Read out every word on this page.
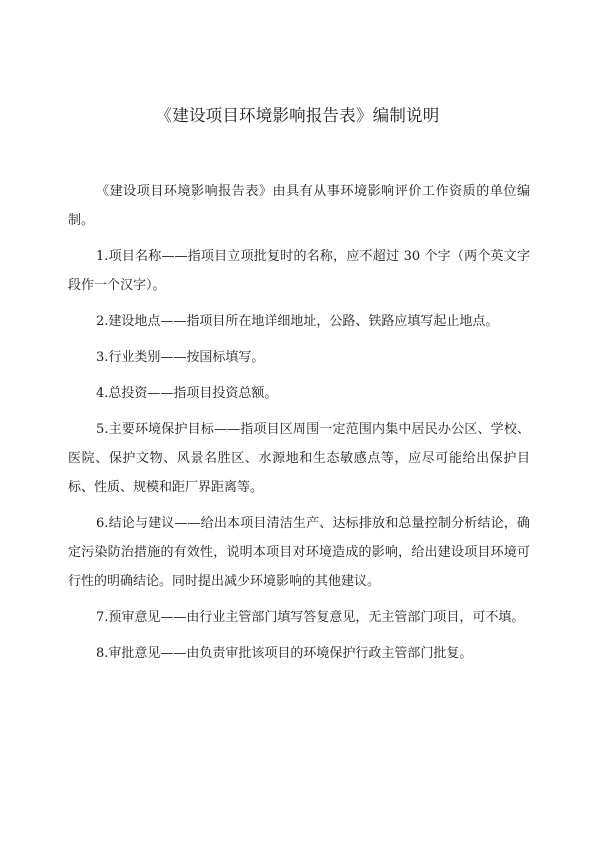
《建设项目环境影响报告表》编制说明

《建设项目环境影响报告表》由具有从事环境影响评价工作资质的单位编制。

1.项目名称——指项目立项批复时的名称，应不超过 30 个字（两个英文字段作一个汉字）。

2.建设地点——指项目所在地详细地址，公路、铁路应填写起止地点。

3.行业类别——按国标填写。

4.总投资——指项目投资总额。

5.主要环境保护目标——指项目区周围一定范围内集中居民办公区、学校、医院、保护文物、风景名胜区、水源地和生态敏感点等，应尽可能给出保护目标、性质、规模和距厂界距离等。

6.结论与建议——给出本项目清洁生产、达标排放和总量控制分析结论，确定污染防治措施的有效性，说明本项目对环境造成的影响，给出建设项目环境可行性的明确结论。同时提出减少环境影响的其他建议。

7.预审意见——由行业主管部门填写答复意见，无主管部门项目，可不填。

8.审批意见——由负责审批该项目的环境保护行政主管部门批复。
